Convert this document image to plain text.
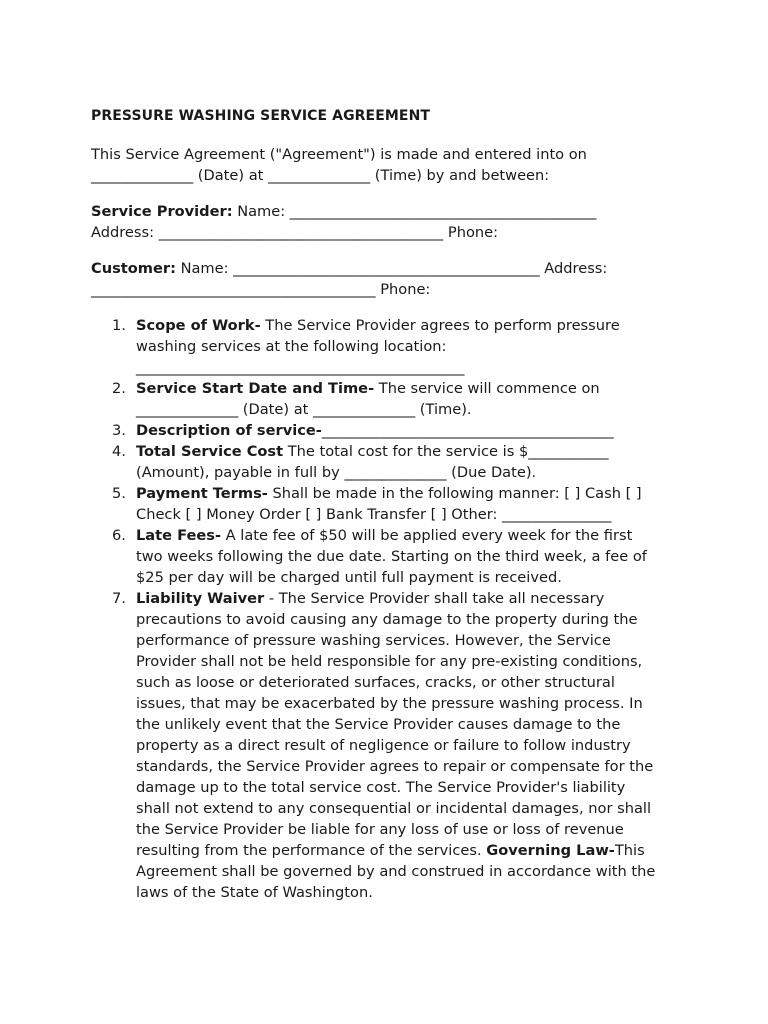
PRESSURE WASHING SERVICE AGREEMENT
This Service Agreement ("Agreement") is made and entered into on
______________ (Date) at ______________ (Time) by and between:
Service Provider: Name: __________________________________________
Address: _______________________________________ Phone:
Customer: Name: __________________________________________ Address:
_______________________________________ Phone:
1. Scope of Work- The Service Provider agrees to perform pressure
washing services at the following location:
_____________________________________________
2. Service Start Date and Time- The service will commence on
______________ (Date) at ______________ (Time).
3. Description of service-________________________________________
4. Total Service Cost The total cost for the service is $___________
(Amount), payable in full by ______________ (Due Date).
5. Payment Terms- Shall be made in the following manner: [ ] Cash [ ]
Check [ ] Money Order [ ] Bank Transfer [ ] Other: _______________
6. Late Fees- A late fee of $50 will be applied every week for the first
two weeks following the due date. Starting on the third week, a fee of
$25 per day will be charged until full payment is received.
7. Liability Waiver - The Service Provider shall take all necessary
precautions to avoid causing any damage to the property during the
performance of pressure washing services. However, the Service
Provider shall not be held responsible for any pre-existing conditions,
such as loose or deteriorated surfaces, cracks, or other structural
issues, that may be exacerbated by the pressure washing process. In
the unlikely event that the Service Provider causes damage to the
property as a direct result of negligence or failure to follow industry
standards, the Service Provider agrees to repair or compensate for the
damage up to the total service cost. The Service Provider's liability
shall not extend to any consequential or incidental damages, nor shall
the Service Provider be liable for any loss of use or loss of revenue
resulting from the performance of the services. Governing Law-This
Agreement shall be governed by and construed in accordance with the
laws of the State of Washington.
